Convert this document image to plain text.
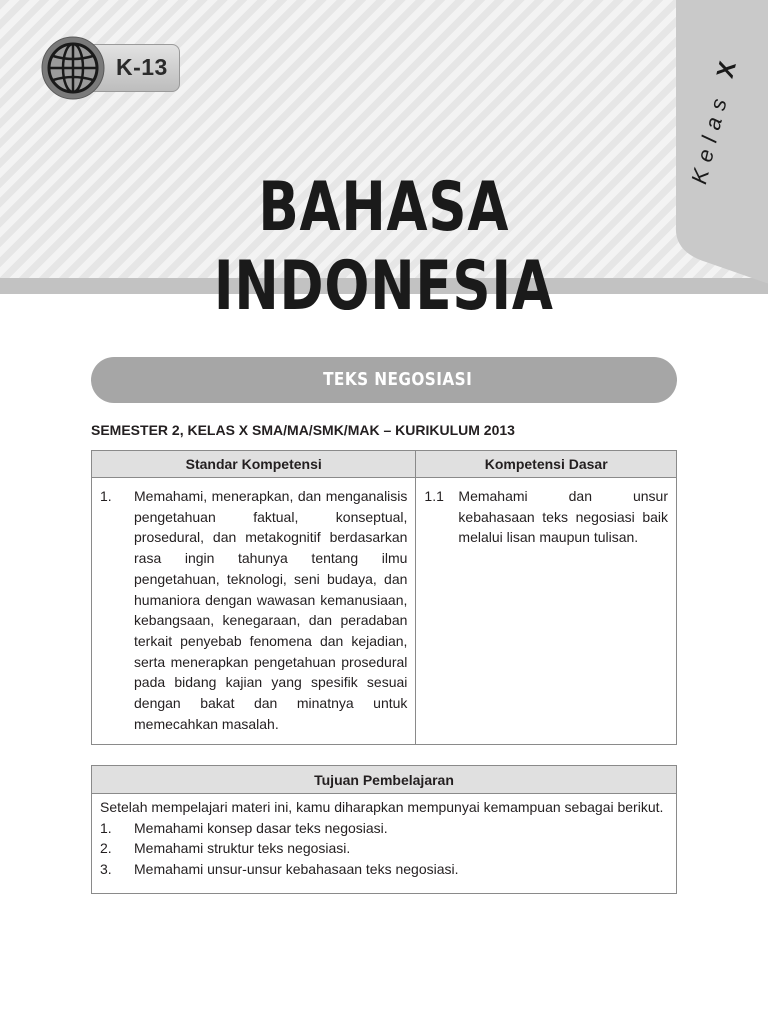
Kelas X
K-13
BAHASA INDONESIA
TEKS NEGOSIASI
SEMESTER 2, KELAS X SMA/MA/SMK/MAK – KURIKULUM 2013
Standar Kompetensi	Kompetensi Dasar

1. Memahami, menerapkan, dan menganalisis pengetahuan faktual, konseptual, prosedural, dan metakognitif berdasarkan rasa ingin tahunya tentang ilmu pengetahuan, teknologi, seni budaya, dan humaniora dengan wawasan kemanusiaan, kebangsaan, kenegaraan, dan peradaban terkait penyebab fenomena dan kejadian, serta menerapkan pengetahuan prosedural pada bidang kajian yang spesifik sesuai dengan bakat dan minatnya untuk memecahkan masalah.	1.1 Memahami dan unsur kebahasaan teks negosiasi baik melalui lisan maupun tulisan.
Tujuan Pembelajaran

Setelah mempelajari materi ini, kamu diharapkan mempunyai kemampuan sebagai berikut.
1.	Memahami konsep dasar teks negosiasi.
2.	Memahami struktur teks negosiasi.
3.	Memahami unsur-unsur kebahasaan teks negosiasi.
